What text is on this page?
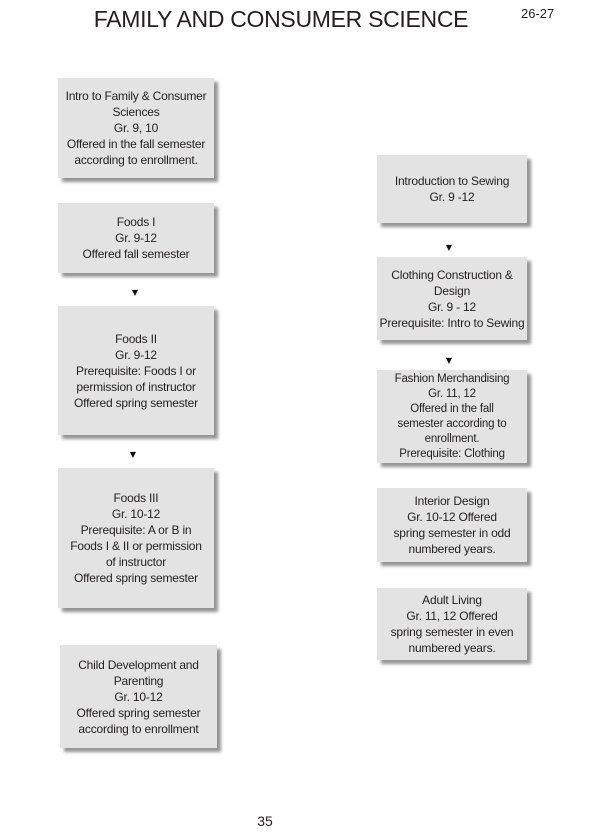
FAMILY AND CONSUMER SCIENCE	26-27
Intro to Family & Consumer
Sciences
Gr. 9, 10
Offered in the fall semester
according to enrollment.
Foods I
Gr. 9-12
Offered fall semester
▼
Foods II
Gr. 9-12
Prerequisite: Foods I or
permission of instructor
Offered spring semester
▼
Foods III
Gr. 10-12
Prerequisite: A or B in
Foods I & II or permission
of instructor
Offered spring semester
Child Development and
Parenting
Gr. 10-12
Offered spring semester
according to enrollment
Introduction to Sewing
Gr. 9 -12
▼
Clothing Construction &
Design
Gr. 9 - 12
Prerequisite: Intro to Sewing
▼
Fashion Merchandising
Gr. 11, 12
Offered in the fall
semester according to
enrollment.
Prerequisite: Clothing
Interior Design
Gr. 10-12 Offered
spring semester in odd
numbered years.
Adult Living
Gr. 11, 12 Offered
spring semester in even
numbered years.
35
